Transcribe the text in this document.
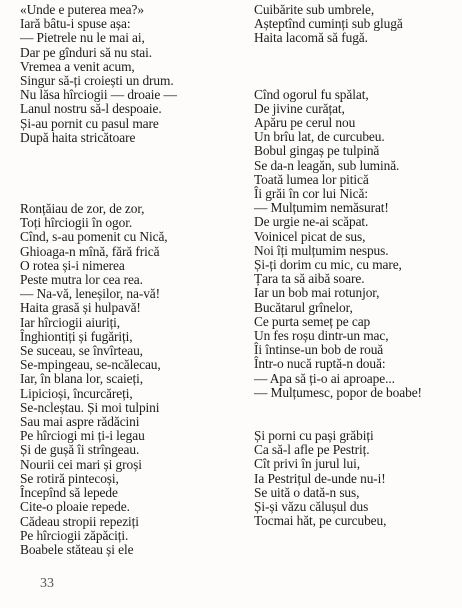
«Unde e puterea mea?»
Iară bâtu-i spuse așa:
— Pietrele nu le mai ai,
Dar pe gînduri să nu stai.
Vremea a venit acum,
Singur să-ți croiești un drum.
Nu lăsa hîrciogii — droaie —
Lanul nostru să-l despoaie.
Și-au pornit cu pasul mare
După haita stricătoare
Ronțăiau de zor, de zor,
Toți hîrciogii în ogor.
Cînd, s-au pomenit cu Nică,
Ghioaga-n mînă, fără frică
O rotea și-i nimerea
Peste mutra lor cea rea.
— Na-vă, leneșilor, na-vă!
Haita grasă și hulpavă!
Iar hîrciogii aiuriți,
Înghiontiți și fugăriți,
Se suceau, se învîrteau,
Se-mpingeau, se-ncălecau,
Iar, în blana lor, scaieți,
Lipicioși, încurcăreți,
Se-ncleștau. Și moi tulpini
Sau mai aspre rădăcini
Pe hîrciogi mi ți-i legau
Și de gușă îi strîngeau.
Nourii cei mari și groși
Se rotiră pintecoși,
Începînd să lepede
Cite-o ploaie repede.
Cădeau stropii repeziți
Pe hîrciogii zăpăciți.
Boabele stăteau și ele
Cuibărite sub umbrele,
Așteptînd cuminți sub glugă
Haita lacomă să fugă.
Cînd ogorul fu spălat,
De jivine curățat,
Apăru pe cerul nou
Un brîu lat, de curcubeu.
Bobul gingaș pe tulpină
Se da-n leagăn, sub lumină.
Toată lumea lor pitică
Îi grăi în cor lui Nică:
— Mulțumim nemăsurat!
De urgie ne-ai scăpat.
Voinicel picat de sus,
Noi îți mulțumim nespus.
Și-ți dorim cu mic, cu mare,
Țara ta să aibă soare.
Iar un bob mai rotunjor,
Bucătarul grînelor,
Ce purta semeț pe cap
Un fes roșu dintr-un mac,
Îi întinse-un bob de rouă
Într-o nucă ruptă-n două:
— Apa să ți-o ai aproape...
— Mulțumesc, popor de boabe!
Și porni cu pași grăbiți
Ca să-l afle pe Pestriț.
Cît privi în jurul lui,
Ia Pestrițul de-unde nu-i!
Se uită o dată-n sus,
Și-și văzu călușul dus
Tocmai hăt, pe curcubeu,
33
